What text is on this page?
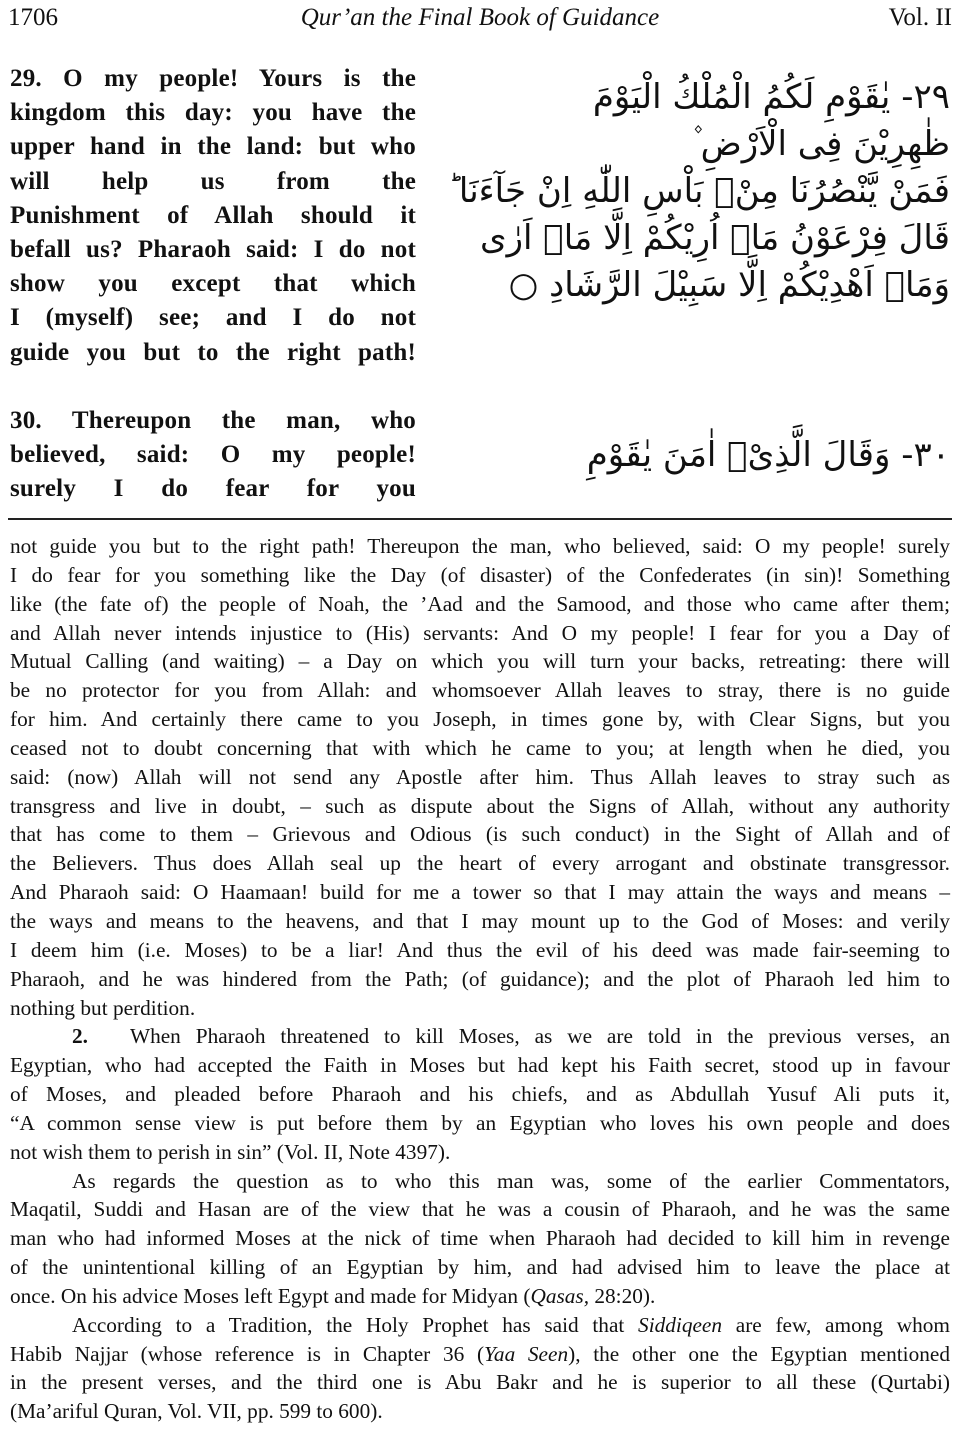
1706	Qur’an the Final Book of Guidance	Vol. II
29. O my people! Yours is the
kingdom this day: you have the
upper hand in the land: but who
will help us from the
Punishment of Allah should it
befall us? Pharaoh said: I do not
show you except that which
I (myself) see; and I do not
guide you but to the right path!
٢٩- يٰقَوْمِ لَكُمُ الْمُلْكُ الْيَوْمَ
ظٰهِرِيْنَ فِى الْاَرْضِ ۫
فَمَنْ يَّنْصُرُنَا مِنْۢ بَاْسِ اللّٰهِ اِنْ جَآءَنَا ؕ
قَالَ فِرْعَوْنُ مَاۤ اُرِيْكُمْ اِلَّا مَاۤ اَرٰى
وَمَاۤ اَهْدِيْكُمْ اِلَّا سَبِيْلَ الرَّشَادِ ○
30. Thereupon the man, who
believed, said: O my people!
surely I do fear for you
٣٠- وَقَالَ الَّذِىْۤ اٰمَنَ يٰقَوْمِ

not guide you but to the right path! Thereupon the man, who believed, said: O my people! surely
I do fear for you something like the Day (of disaster) of the Confederates (in sin)! Something
like (the fate of) the people of Noah, the ’Aad and the Samood, and those who came after them;
and Allah never intends injustice to (His) servants: And O my people! I fear for you a Day of
Mutual Calling (and waiting) – a Day on which you will turn your backs, retreating: there will
be no protector for you from Allah: and whomsoever Allah leaves to stray, there is no guide
for him. And certainly there came to you Joseph, in times gone by, with Clear Signs, but you
ceased not to doubt concerning that with which he came to you; at length when he died, you
said: (now) Allah will not send any Apostle after him. Thus Allah leaves to stray such as
transgress and live in doubt, – such as dispute about the Signs of Allah, without any authority
that has come to them – Grievous and Odious (is such conduct) in the Sight of Allah and of
the Believers. Thus does Allah seal up the heart of every arrogant and obstinate transgressor.
And Pharaoh said: O Haamaan! build for me a tower so that I may attain the ways and means –
the ways and means to the heavens, and that I may mount up to the God of Moses: and verily
I deem him (i.e. Moses) to be a liar! And thus the evil of his deed was made fair-seeming to
Pharaoh, and he was hindered from the Path; (of guidance); and the plot of Pharaoh led him to
nothing but perdition.

2. When Pharaoh threatened to kill Moses, as we are told in the previous verses, an
Egyptian, who had accepted the Faith in Moses but had kept his Faith secret, stood up in favour
of Moses, and pleaded before Pharaoh and his chiefs, and as Abdullah Yusuf Ali puts it,
“A common sense view is put before them by an Egyptian who loves his own people and does
not wish them to perish in sin” (Vol. II, Note 4397).

As regards the question as to who this man was, some of the earlier Commentators,
Maqatil, Suddi and Hasan are of the view that he was a cousin of Pharaoh, and he was the same
man who had informed Moses at the nick of time when Pharaoh had decided to kill him in revenge
of the unintentional killing of an Egyptian by him, and had advised him to leave the place at
once. On his advice Moses left Egypt and made for Midyan (Qasas, 28:20).

According to a Tradition, the Holy Prophet has said that Siddiqeen are few, among whom
Habib Najjar (whose reference is in Chapter 36 (Yaa Seen), the other one the Egyptian mentioned
in the present verses, and the third one is Abu Bakr and he is superior to all these (Qurtabi)
(Ma’ariful Quran, Vol. VII, pp. 599 to 600).
